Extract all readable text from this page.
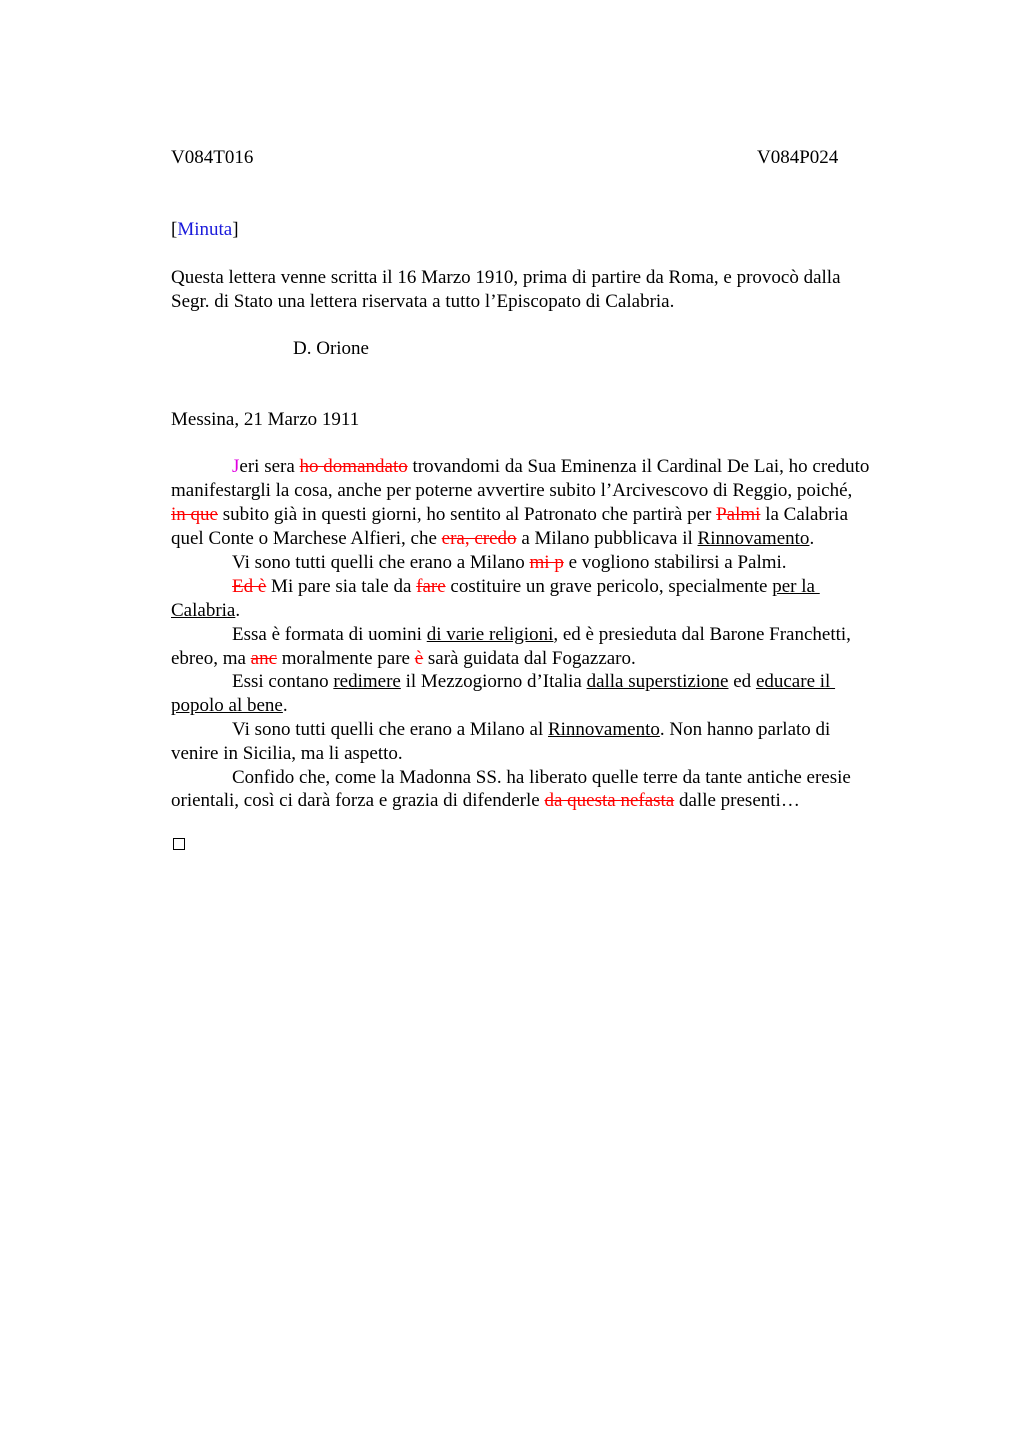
V084T016	V084P024
[Minuta]
Questa lettera venne scritta il 16 Marzo 1910, prima di partire da Roma, e provocò dalla
Segr. di Stato una lettera riservata a tutto l’Episcopato di Calabria.
D. Orione
Messina, 21 Marzo 1911
Jeri sera ho domandato trovandomi da Sua Eminenza il Cardinal De Lai, ho creduto
manifestargli la cosa, anche per poterne avvertire subito l’Arcivescovo di Reggio, poiché,
in que subito già in questi giorni, ho sentito al Patronato che partirà per Palmi la Calabria
quel Conte o Marchese Alfieri, che era, credo a Milano pubblicava il Rinnovamento.
Vi sono tutti quelli che erano a Milano mi p e vogliono stabilirsi a Palmi.
Ed è Mi pare sia tale da fare costituire un grave pericolo, specialmente per la
Calabria.
Essa è formata di uomini di varie religioni, ed è presieduta dal Barone Franchetti,
ebreo, ma anc moralmente pare è sarà guidata dal Fogazzaro.
Essi contano redimere il Mezzogiorno d’Italia dalla superstizione ed educare il
popolo al bene.
Vi sono tutti quelli che erano a Milano al Rinnovamento. Non hanno parlato di
venire in Sicilia, ma li aspetto.
Confido che, come la Madonna SS. ha liberato quelle terre da tante antiche eresie
orientali, così ci darà forza e grazia di difenderle da questa nefasta dalle presenti…
